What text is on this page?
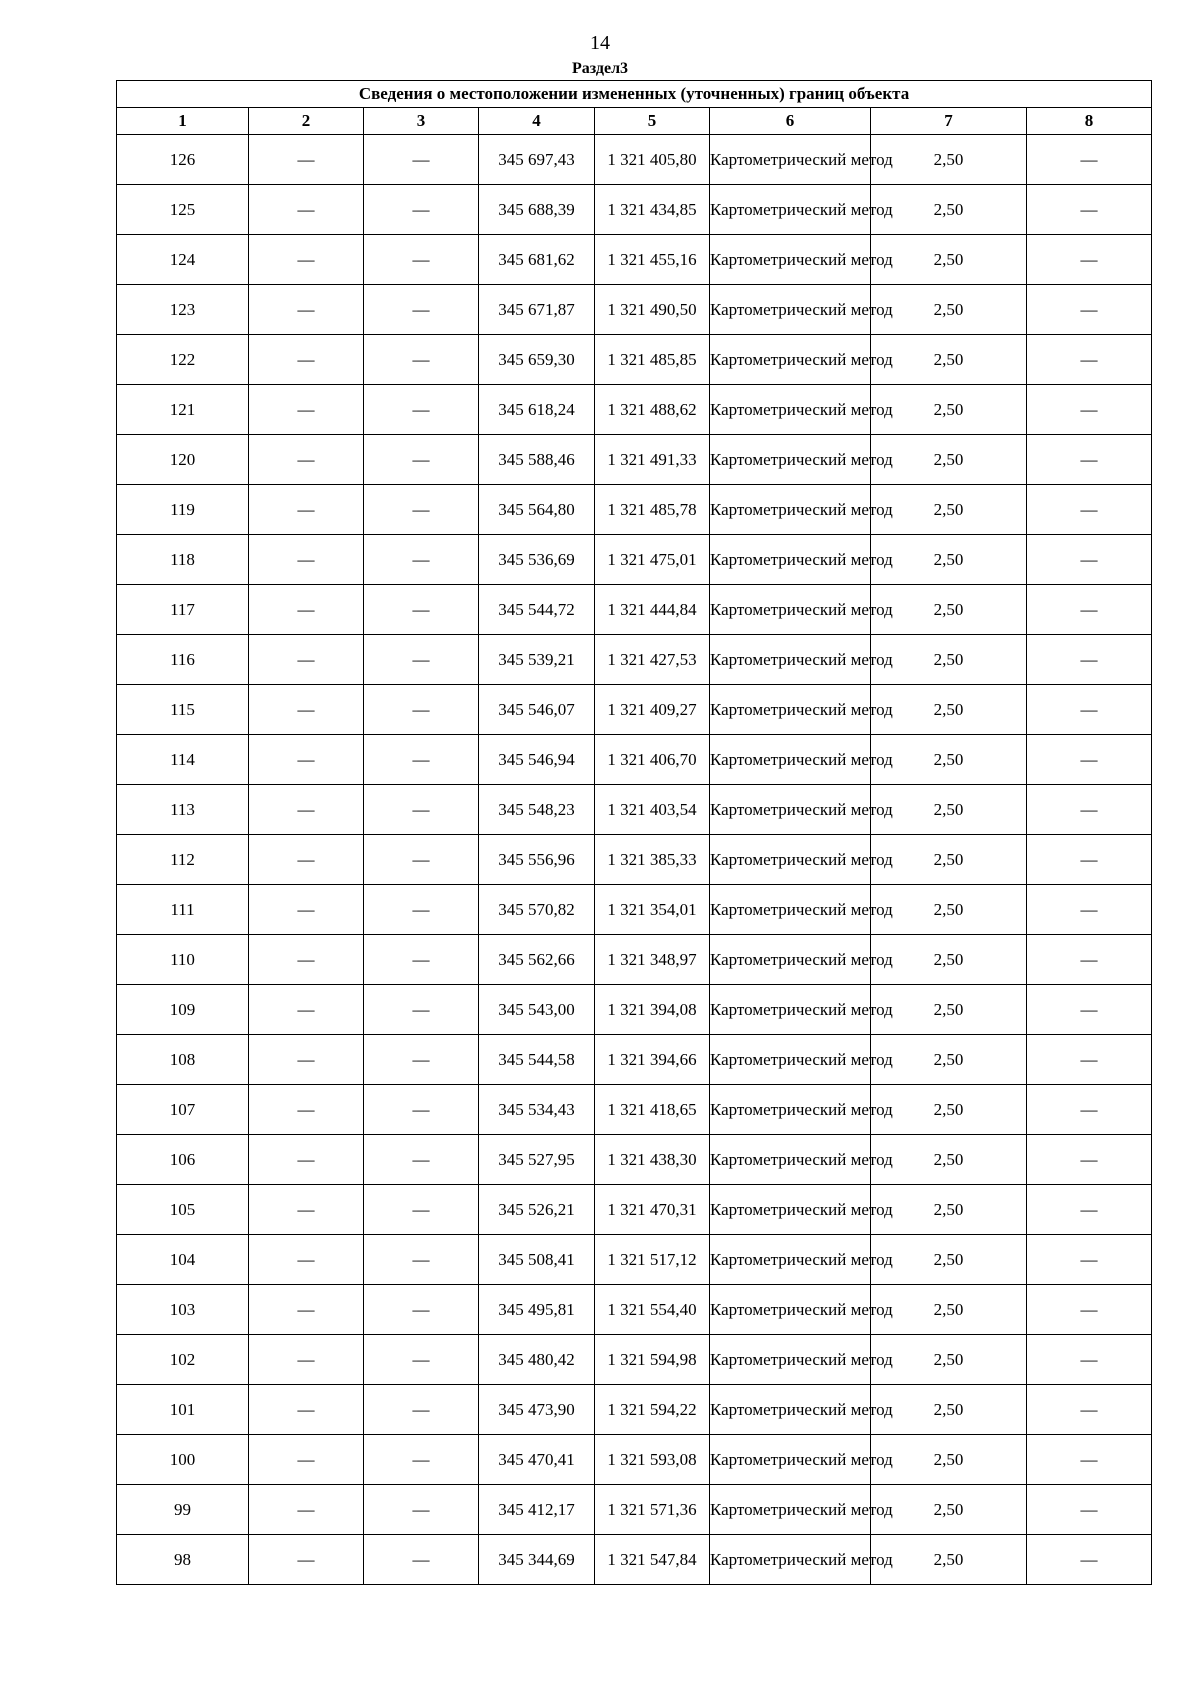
14
Раздел3
Сведения о местоположении измененных (уточненных) границ объекта							
1	2	3	4	5	6	7	8
126	—	—	345 697,43	1 321 405,80	Картометрический метод	2,50	—
125	—	—	345 688,39	1 321 434,85	Картометрический метод	2,50	—
124	—	—	345 681,62	1 321 455,16	Картометрический метод	2,50	—
123	—	—	345 671,87	1 321 490,50	Картометрический метод	2,50	—
122	—	—	345 659,30	1 321 485,85	Картометрический метод	2,50	—
121	—	—	345 618,24	1 321 488,62	Картометрический метод	2,50	—
120	—	—	345 588,46	1 321 491,33	Картометрический метод	2,50	—
119	—	—	345 564,80	1 321 485,78	Картометрический метод	2,50	—
118	—	—	345 536,69	1 321 475,01	Картометрический метод	2,50	—
117	—	—	345 544,72	1 321 444,84	Картометрический метод	2,50	—
116	—	—	345 539,21	1 321 427,53	Картометрический метод	2,50	—
115	—	—	345 546,07	1 321 409,27	Картометрический метод	2,50	—
114	—	—	345 546,94	1 321 406,70	Картометрический метод	2,50	—
113	—	—	345 548,23	1 321 403,54	Картометрический метод	2,50	—
112	—	—	345 556,96	1 321 385,33	Картометрический метод	2,50	—
111	—	—	345 570,82	1 321 354,01	Картометрический метод	2,50	—
110	—	—	345 562,66	1 321 348,97	Картометрический метод	2,50	—
109	—	—	345 543,00	1 321 394,08	Картометрический метод	2,50	—
108	—	—	345 544,58	1 321 394,66	Картометрический метод	2,50	—
107	—	—	345 534,43	1 321 418,65	Картометрический метод	2,50	—
106	—	—	345 527,95	1 321 438,30	Картометрический метод	2,50	—
105	—	—	345 526,21	1 321 470,31	Картометрический метод	2,50	—
104	—	—	345 508,41	1 321 517,12	Картометрический метод	2,50	—
103	—	—	345 495,81	1 321 554,40	Картометрический метод	2,50	—
102	—	—	345 480,42	1 321 594,98	Картометрический метод	2,50	—
101	—	—	345 473,90	1 321 594,22	Картометрический метод	2,50	—
100	—	—	345 470,41	1 321 593,08	Картометрический метод	2,50	—
99	—	—	345 412,17	1 321 571,36	Картометрический метод	2,50	—
98	—	—	345 344,69	1 321 547,84	Картометрический метод	2,50	—
